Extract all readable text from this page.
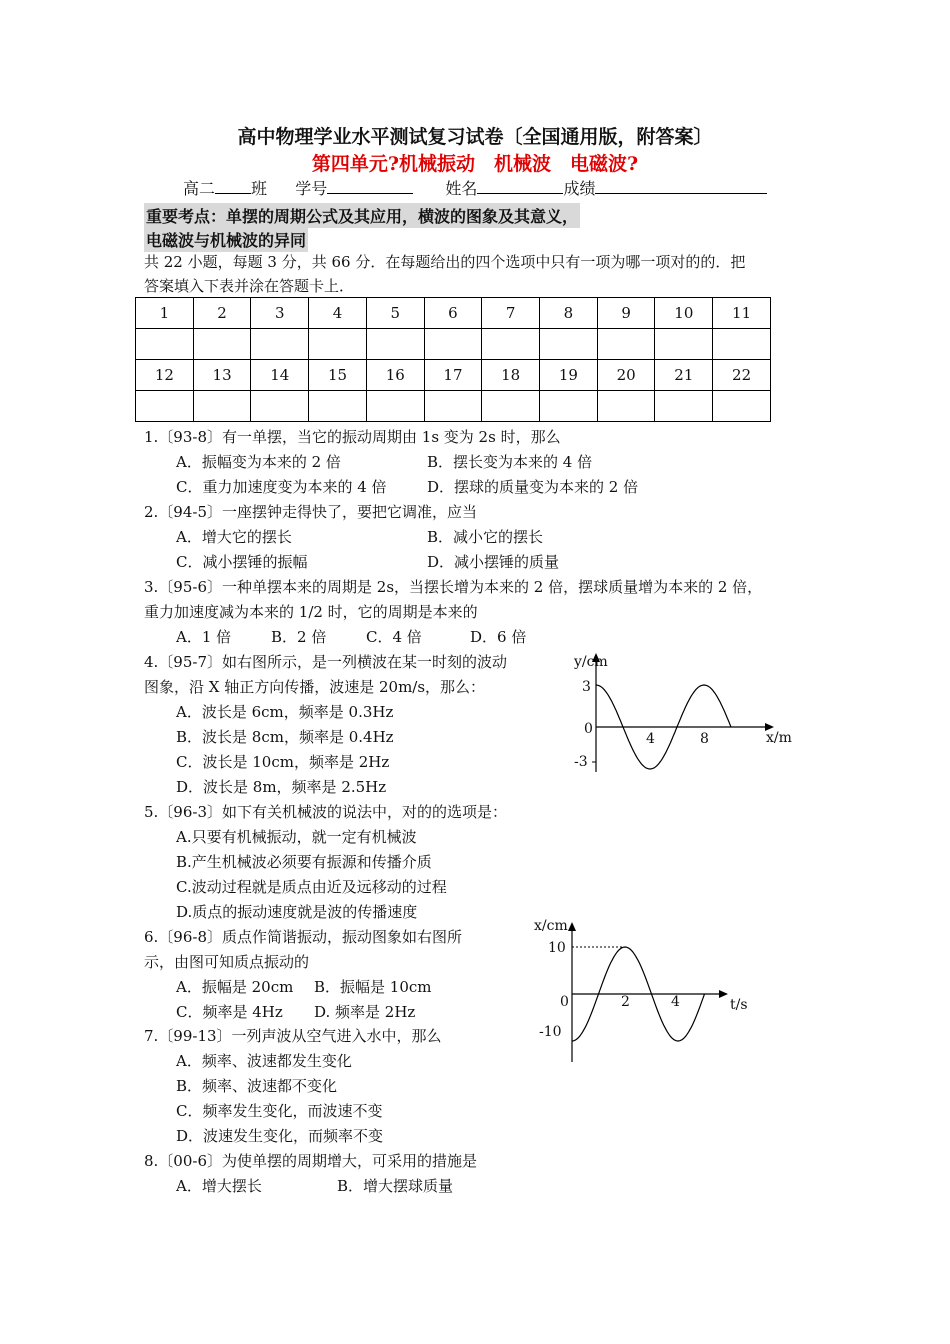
高中物理学业水平测试复习试卷〔全国通用版，附答案〕
第四单元?机械振动　机械波　电磁波?
高二 班 学号	姓名	成绩
重要考点：单摆的周期公式及其应用，横波的图象及其意义，
电磁波与机械波的异同
共 22 小题，每题 3 分，共 66 分．在每题给出的四个选项中只有一项为哪一项对的的．把
答案填入下表并涂在答题卡上．
1	2	3	4	5	6	7	8	9	10	11

12	13	14	15	16	17	18	19	20	21	22

1.〔93-8〕有一单摆，当它的振动周期由 1s 变为 2s 时，那么
A．振幅变为本来的 2 倍	B．摆长变为本来的 4 倍
C．重力加速度变为本来的 4 倍	D．摆球的质量变为本来的 2 倍
2.〔94-5〕一座摆钟走得快了，要把它调准，应当
A．增大它的摆长	B．减小它的摆长
C．减小摆锤的振幅	D．减小摆锤的质量
3.〔95-6〕一种单摆本来的周期是 2s，当摆长增为本来的 2 倍，摆球质量增为本来的 2 倍，
重力加速度减为本来的 1/2 时，它的周期是本来的
A．1 倍	B．2 倍	C．4 倍	D．6 倍
4.〔95-7〕如右图所示，是一列横波在某一时刻的波动
图象，沿 X 轴正方向传播，波速是 20m/s，那么：
A．波长是 6cm，频率是 0.3Hz
B．波长是 8cm，频率是 0.4Hz
C．波长是 10cm，频率是 2Hz
D．波长是 8m，频率是 2.5Hz
y/cm
x/m
3
0
-3
4	8
5.〔96-3〕如下有关机械波的说法中，对的的选项是：
A.只要有机械振动，就一定有机械波
B.产生机械波必须要有振源和传播介质
C.波动过程就是质点由近及远移动的过程
D.质点的振动速度就是波的传播速度
6.〔96-8〕质点作简谐振动，振动图象如右图所
示，由图可知质点振动的
A．振幅是 20cm B．振幅是 10cm
C．频率是 4Hz D. 频率是 2Hz
x/cm
t/s
10
0
-10
2	4
7.〔99-13〕一列声波从空气进入水中，那么
A．频率、波速都发生变化
B．频率、波速都不变化
C．频率发生变化，而波速不变
D．波速发生变化，而频率不变
8.〔00-6〕为使单摆的周期增大，可采用的措施是
A．增大摆长	B．增大摆球质量
